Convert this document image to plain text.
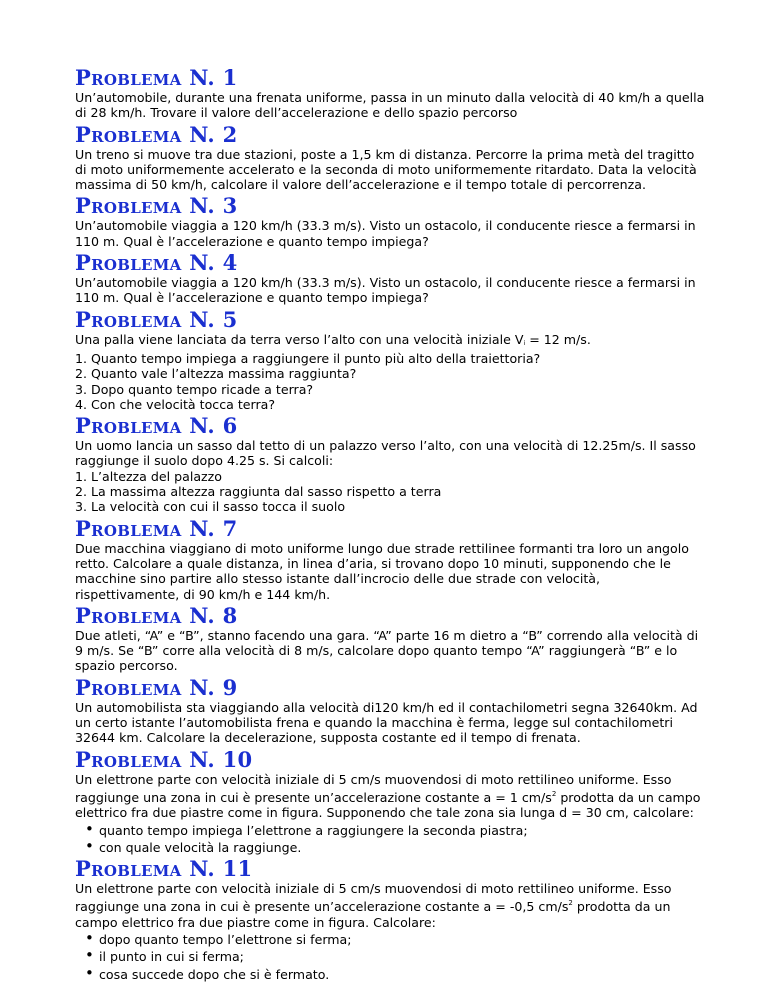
Problema N. 1

Un’automobile, durante una frenata uniforme, passa in un minuto dalla velocità di 40 km/h a quella di 28 km/h. Trovare il valore dell’accelerazione e dello spazio percorso

Problema N. 2

Un treno si muove tra due stazioni, poste a 1,5 km di distanza. Percorre la prima metà del tragitto di moto uniformemente accelerato e la seconda di moto uniformemente ritardato. Data la velocità massima di 50 km/h, calcolare il valore dell’accelerazione e il tempo totale di percorrenza.

Problema N. 3

Un’automobile viaggia a 120 km/h (33.3 m/s). Visto un ostacolo, il conducente riesce a fermarsi in 110 m. Qual è l’accelerazione e quanto tempo impiega?

Problema N. 4

Un’automobile viaggia a 120 km/h (33.3 m/s). Visto un ostacolo, il conducente riesce a fermarsi in 110 m. Qual è l’accelerazione e quanto tempo impiega?

Problema N. 5

Una palla viene lanciata da terra verso l’alto con una velocità iniziale Vi = 12 m/s.

1. Quanto tempo impiega a raggiungere il punto più alto della traiettoria?

2. Quanto vale l’altezza massima raggiunta?

3. Dopo quanto tempo ricade a terra?

4. Con che velocità tocca terra?

Problema N. 6

Un uomo lancia un sasso dal tetto di un palazzo verso l’alto, con una velocità di 12.25m/s. Il sasso raggiunge il suolo dopo 4.25 s. Si calcoli:

1. L’altezza del palazzo

2. La massima altezza raggiunta dal sasso rispetto a terra

3. La velocità con cui il sasso tocca il suolo

Problema N. 7

Due macchina viaggiano di moto uniforme lungo due strade rettilinee formanti tra loro un angolo retto. Calcolare a quale distanza, in linea d’aria, si trovano dopo 10 minuti, supponendo che le macchine sino partire allo stesso istante dall’incrocio delle due strade con velocità, rispettivamente, di 90 km/h e 144 km/h.

Problema N. 8

Due atleti, “A” e “B”, stanno facendo una gara. “A” parte 16 m dietro a “B” correndo alla velocità di 9 m/s. Se “B” corre alla velocità di 8 m/s, calcolare dopo quanto tempo “A” raggiungerà “B” e lo spazio percorso.

Problema N. 9

Un automobilista sta viaggiando alla velocità di120 km/h ed il contachilometri segna 32640km. Ad un certo istante l’automobilista frena e quando la macchina è ferma, legge sul contachilometri 32644 km. Calcolare la decelerazione, supposta costante ed il tempo di frenata.

Problema N. 10

Un elettrone parte con velocità iniziale di 5 cm/s muovendosi di moto rettilineo uniforme. Esso raggiunge una zona in cui è presente un’accelerazione costante a = 1 $cm/s^2$ prodotta da un campo elettrico fra due piastre come in figura. Supponendo che tale zona sia lunga d = 30 cm, calcolare:

• quanto tempo impiega l’elettrone a raggiungere la seconda piastra;
• con quale velocità la raggiunge.
Problema N. 11

Un elettrone parte con velocità iniziale di 5 cm/s muovendosi di moto rettilineo uniforme. Esso raggiunge una zona in cui è presente un’accelerazione costante a = -0,5 $cm/s^2$ prodotta da un campo elettrico fra due piastre come in figura. Calcolare:

• dopo quanto tempo l’elettrone si ferma;
• il punto in cui si ferma;
• cosa succede dopo che si è fermato.
